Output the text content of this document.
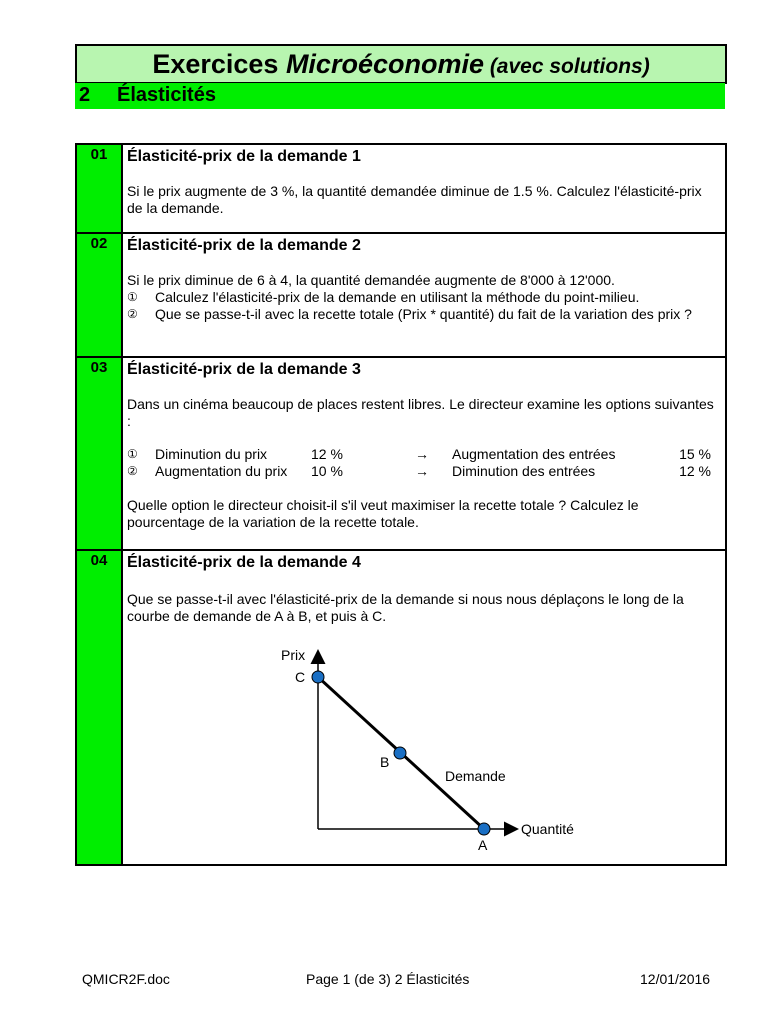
Exercices Microéconomie (avec solutions)
2 Élasticités
01	Élasticité-prix de la demande 1

Si le prix augmente de 3 %, la quantité demandée diminue de 1.5 %. Calculez l'élasticité-prix de la demande.

02	Élasticité-prix de la demande 2

Si le prix diminue de 6 à 4, la quantité demandée augmente de 8'000 à 12'000.

① Calculez l'élasticité-prix de la demande en utilisant la méthode du point-milieu.
② Que se passe-t-il avec la recette totale (Prix * quantité) du fait de la variation des prix ?
03	Élasticité-prix de la demande 3

Dans un cinéma beaucoup de places restent libres. Le directeur examine les options suivantes :

① Diminution du prix	12 %	→ Augmentation des entrées	15 %
② Augmentation du prix 10 %	→ Diminution des entrées	12 %

Quelle option le directeur choisit-il s'il veut maximiser la recette totale ? Calculez le pourcentage de la variation de la recette totale.

04	Élasticité-prix de la demande 4

Que se passe-t-il avec l'élasticité-prix de la demande si nous nous déplaçons le long de la courbe de demande de A à B, et puis à C.

Prix
C
B
A
Demande
Quantité
QMICR2F.doc	Page 1 (de 3) 2 Élasticités	12/01/2016
